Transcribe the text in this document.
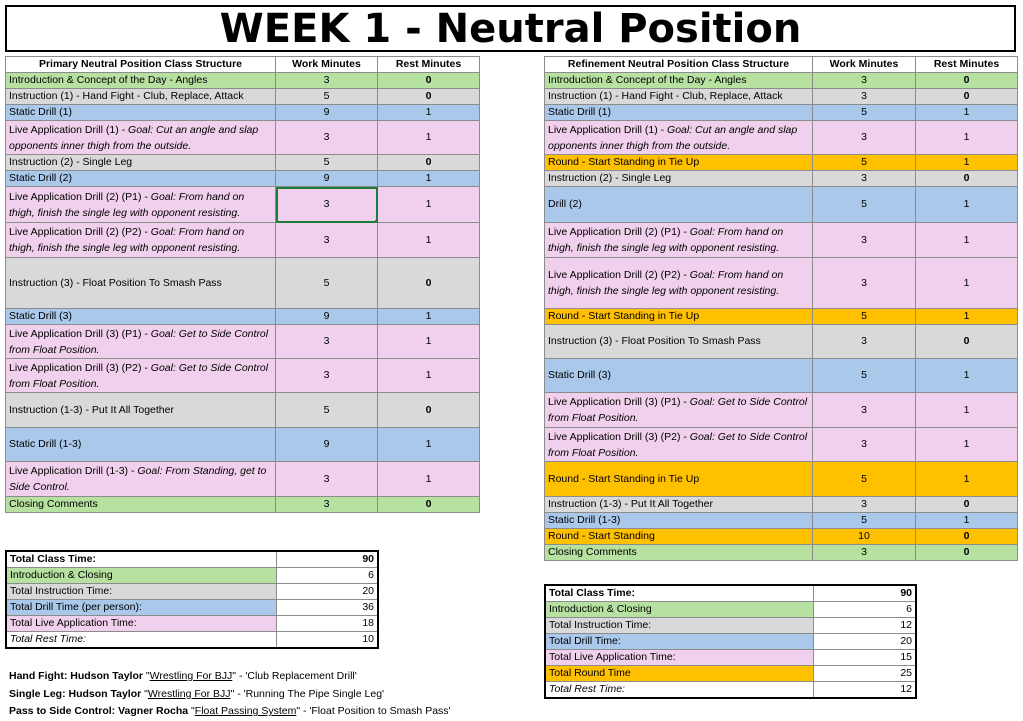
WEEK 1 - Neutral Position
Primary Neutral Position Class Structure	Work Minutes	Rest Minutes
Introduction & Concept of the Day - Angles	3	0
Instruction (1) - Hand Fight - Club, Replace, Attack	5	0
Static Drill (1)	9	1
Live Application Drill (1) - Goal: Cut an angle and slap opponents inner thigh from the outside.	3	1
Instruction (2) - Single Leg	5	0
Static Drill (2)	9	1
Live Application Drill (2) (P1) - Goal: From hand on thigh, finish the single leg with opponent resisting.	3	1
Live Application Drill (2) (P2) - Goal: From hand on thigh, finish the single leg with opponent resisting.	3	1
Instruction (3) - Float Position To Smash Pass	5	0
Static Drill (3)	9	1
Live Application Drill (3) (P1) - Goal: Get to Side Control from Float Position.	3	1
Live Application Drill (3) (P2) - Goal: Get to Side Control from Float Position.	3	1
Instruction (1-3) - Put It All Together	5	0
Static Drill (1-3)	9	1
Live Application Drill (1-3) - Goal: From Standing, get to Side Control.	3	1
Closing Comments	3	0
Refinement Neutral Position Class Structure	Work Minutes	Rest Minutes
Introduction & Concept of the Day - Angles	3	0
Instruction (1) - Hand Fight - Club, Replace, Attack	3	0
Static Drill (1)	5	1
Live Application Drill (1) - Goal: Cut an angle and slap opponents inner thigh from the outside.	3	1
Round - Start Standing in Tie Up	5	1
Instruction (2) - Single Leg	3	0
Drill (2)	5	1
Live Application Drill (2) (P1) - Goal: From hand on thigh, finish the single leg with opponent resisting.	3	1
Live Application Drill (2) (P2) - Goal: From hand on thigh, finish the single leg with opponent resisting.	3	1
Round - Start Standing in Tie Up	5	1
Instruction (3) - Float Position To Smash Pass	3	0
Static Drill (3)	5	1
Live Application Drill (3) (P1) - Goal: Get to Side Control from Float Position.	3	1
Live Application Drill (3) (P2) - Goal: Get to Side Control from Float Position.	3	1
Round - Start Standing in Tie Up	5	1
Instruction (1-3) - Put It All Together	3	0
Static Drill (1-3)	5	1
Round - Start Standing	10	0
Closing Comments	3	0
Total Class Time:	90
Introduction & Closing	6
Total Instruction Time:	20
Total Drill Time (per person):	36
Total Live Application Time:	18
Total Rest Time:	10
Total Class Time:	90
Introduction & Closing	6
Total Instruction Time:	12
Total Drill Time:	20
Total Live Application Time:	15
Total Round Time	25
Total Rest Time:	12
Hand Fight: Hudson Taylor "Wrestling For BJJ" - 'Club Replacement Drill'
Single Leg: Hudson Taylor "Wrestling For BJJ" - 'Running The Pipe Single Leg'
Pass to Side Control: Vagner Rocha "Float Passing System" - 'Float Position to Smash Pass'
